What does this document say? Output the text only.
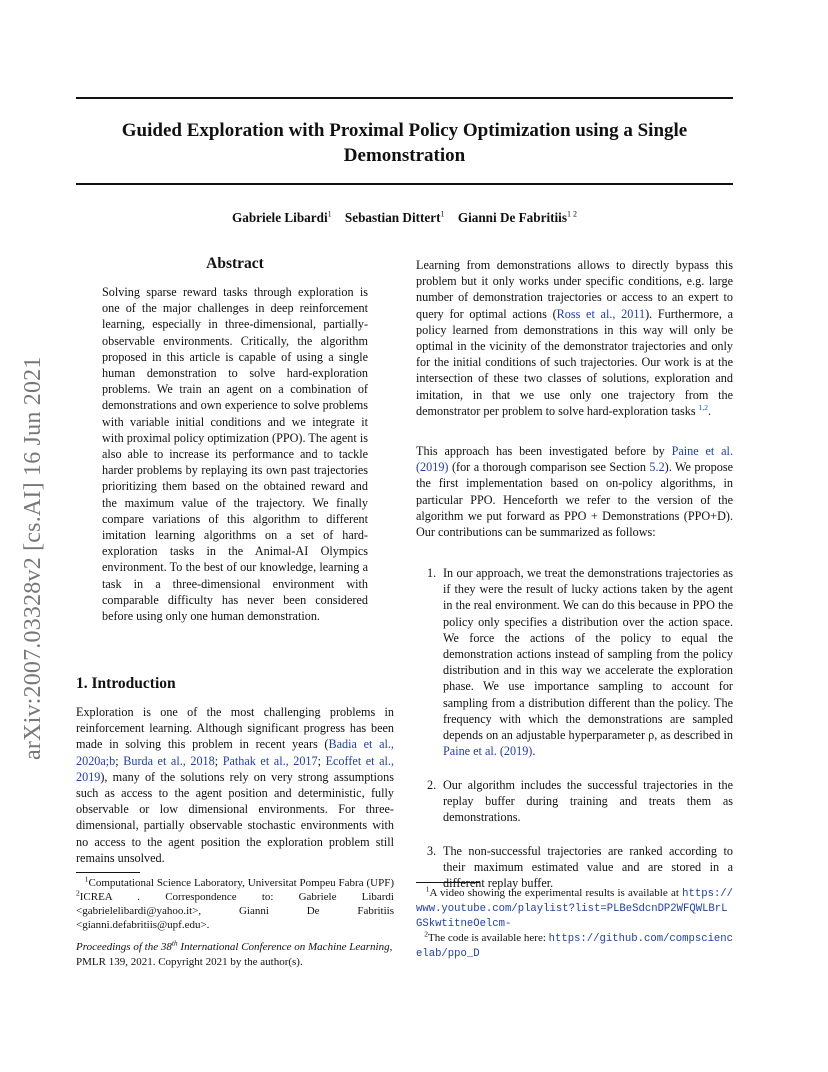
arXiv:2007.03328v2 [cs.AI] 16 Jun 2021
Guided Exploration with Proximal Policy Optimization using a Single
Demonstration
Gabriele Libardi$^1$ Sebastian Dittert$^1$ Gianni De Fabritiis$^{1 2}$
Abstract
Solving sparse reward tasks through exploration is one of the major challenges in deep reinforcement learning, especially in three-dimensional, partially-observable environments. Critically, the algorithm proposed in this article is capable of using a single human demonstration to solve hard-exploration problems. We train an agent on a combination of demonstrations and own experience to solve problems with variable initial conditions and we integrate it with proximal policy optimization (PPO). The agent is also able to increase its performance and to tackle harder problems by replaying its own past trajectories prioritizing them based on the obtained reward and the maximum value of the trajectory. We finally compare variations of this algorithm to different imitation learning algorithms on a set of hard-exploration tasks in the Animal-AI Olympics environment. To the best of our knowledge, learning a task in a three-dimensional environment with comparable difficulty has never been considered before using only one human demonstration.
1. Introduction
Exploration is one of the most challenging problems in reinforcement learning. Although significant progress has been made in solving this problem in recent years (Badia et al., 2020a;b; Burda et al., 2018; Pathak et al., 2017; Ecoffet et al., 2019), many of the solutions rely on very strong assumptions such as access to the agent position and deterministic, fully observable or low dimensional environments. For three-dimensional, partially observable stochastic environments with no access to the agent position the exploration problem still remains unsolved.
$^1$Computational Science Laboratory, Universitat Pompeu Fabra (UPF) $^2$ICREA . Correspondence to: Gabriele Libardi <gabrielelibardi@yahoo.it>, Gianni De Fabritiis <gianni.defabritiis@upf.edu>.
Proceedings of the 38th International Conference on Machine Learning, PMLR 139, 2021. Copyright 2021 by the author(s).
Learning from demonstrations allows to directly bypass this problem but it only works under specific conditions, e.g. large number of demonstration trajectories or access to an expert to query for optimal actions (Ross et al., 2011). Furthermore, a policy learned from demonstrations in this way will only be optimal in the vicinity of the demonstrator trajectories and only for the initial conditions of such trajectories. Our work is at the intersection of these two classes of solutions, exploration and imitation, in that we use only one trajectory from the demonstrator per problem to solve hard-exploration tasks $^{1,2}$.
This approach has been investigated before by Paine et al. (2019) (for a thorough comparison see Section 5.2). We propose the first implementation based on on-policy algorithms, in particular PPO. Henceforth we refer to the version of the algorithm we put forward as PPO + Demonstrations (PPO+D). Our contributions can be summarized as follows:
1. In our approach, we treat the demonstrations trajectories as if they were the result of lucky actions taken by the agent in the real environment. We can do this because in PPO the policy only specifies a distribution over the action space. We force the actions of the policy to equal the demonstration actions instead of sampling from the policy distribution and in this way we accelerate the exploration phase. We use importance sampling to account for sampling from a distribution different than the policy. The frequency with which the demonstrations are sampled depends on an adjustable hyperparameter ρ, as described in Paine et al. (2019).
2. Our algorithm includes the successful trajectories in the replay buffer during training and treats them as demonstrations.
3. The non-successful trajectories are ranked according to their maximum estimated value and are stored in a different replay buffer.

$^1$A video showing the experimental results is available at https://www.youtube.com/playlist?list=PLBeSdcnDP2WFQWLBrLGSkwtitneOelcm-

$^2$The code is available here: https://github.com/compsciencelab/ppo_D
